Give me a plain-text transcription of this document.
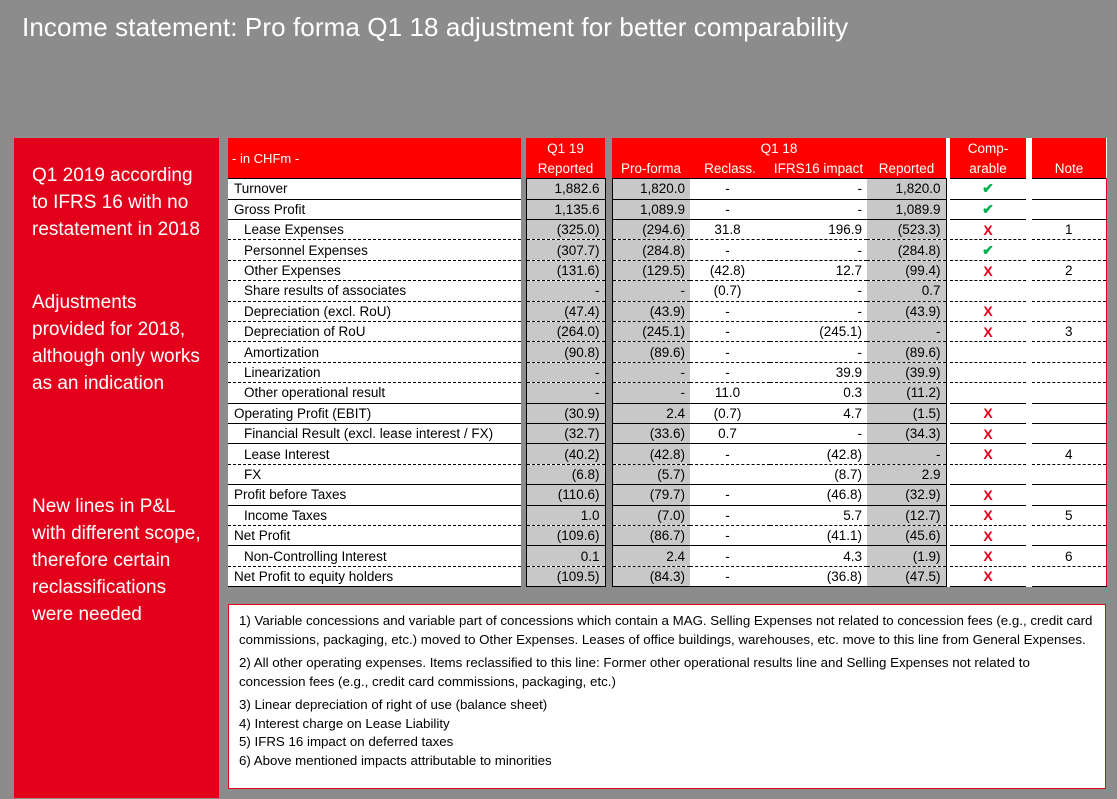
Income statement: Pro forma Q1 18 adjustment for better comparability
Q1 2019 according to IFRS 16 with no restatement in 2018
Adjustments provided for 2018, although only works as an indication
New lines in P&L with different scope, therefore certain reclassifications were needed
- in CHFm -		Q1 19		Q1 18					Comp-		
		Reported		Pro-forma	Reclass.	IFRS16 impact	Reported		arable		Note
Turnover		1,882.6		1,820.0	-	-	1,820.0		✔		
Gross Profit		1,135.6		1,089.9	-	-	1,089.9		✔		
Lease Expenses		(325.0)		(294.6)	31.8	196.9	(523.3)		X		1
Personnel Expenses		(307.7)		(284.8)	-	-	(284.8)		✔		
Other Expenses		(131.6)		(129.5)	(42.8)	12.7	(99.4)		X		2
Share results of associates		-		-	(0.7)	-	0.7				
Depreciation (excl. RoU)		(47.4)		(43.9)	-	-	(43.9)		X		
Depreciation of RoU		(264.0)		(245.1)	-	(245.1)	-		X		3
Amortization		(90.8)		(89.6)	-	-	(89.6)				
Linearization		-		-	-	39.9	(39.9)				
Other operational result		-		-	11.0	0.3	(11.2)				
Operating Profit (EBIT)		(30.9)		2.4	(0.7)	4.7	(1.5)		X		
Financial Result (excl. lease interest / FX)		(32.7)		(33.6)	0.7	-	(34.3)		X		
Lease Interest		(40.2)		(42.8)	-	(42.8)	-		X		4
FX		(6.8)		(5.7)		(8.7)	2.9				
Profit before Taxes		(110.6)		(79.7)	-	(46.8)	(32.9)		X		
Income Taxes		1.0		(7.0)	-	5.7	(12.7)		X		5
Net Profit		(109.6)		(86.7)	-	(41.1)	(45.6)		X		
Non-Controlling Interest		0.1		2.4	-	4.3	(1.9)		X		6
Net Profit to equity holders		(109.5)		(84.3)	-	(36.8)	(47.5)		X		
1) Variable concessions and variable part of concessions which contain a MAG. Selling Expenses not related to concession fees (e.g., credit card commissions, packaging, etc.) moved to Other Expenses. Leases of office buildings, warehouses, etc. move to this line from General Expenses.
2) All other operating expenses. Items reclassified to this line: Former other operational results line and Selling Expenses not related to concession fees (e.g., credit card commissions, packaging, etc.)
3) Linear depreciation of right of use (balance sheet)
4) Interest charge on Lease Liability
5) IFRS 16 impact on deferred taxes
6) Above mentioned impacts attributable to minorities
